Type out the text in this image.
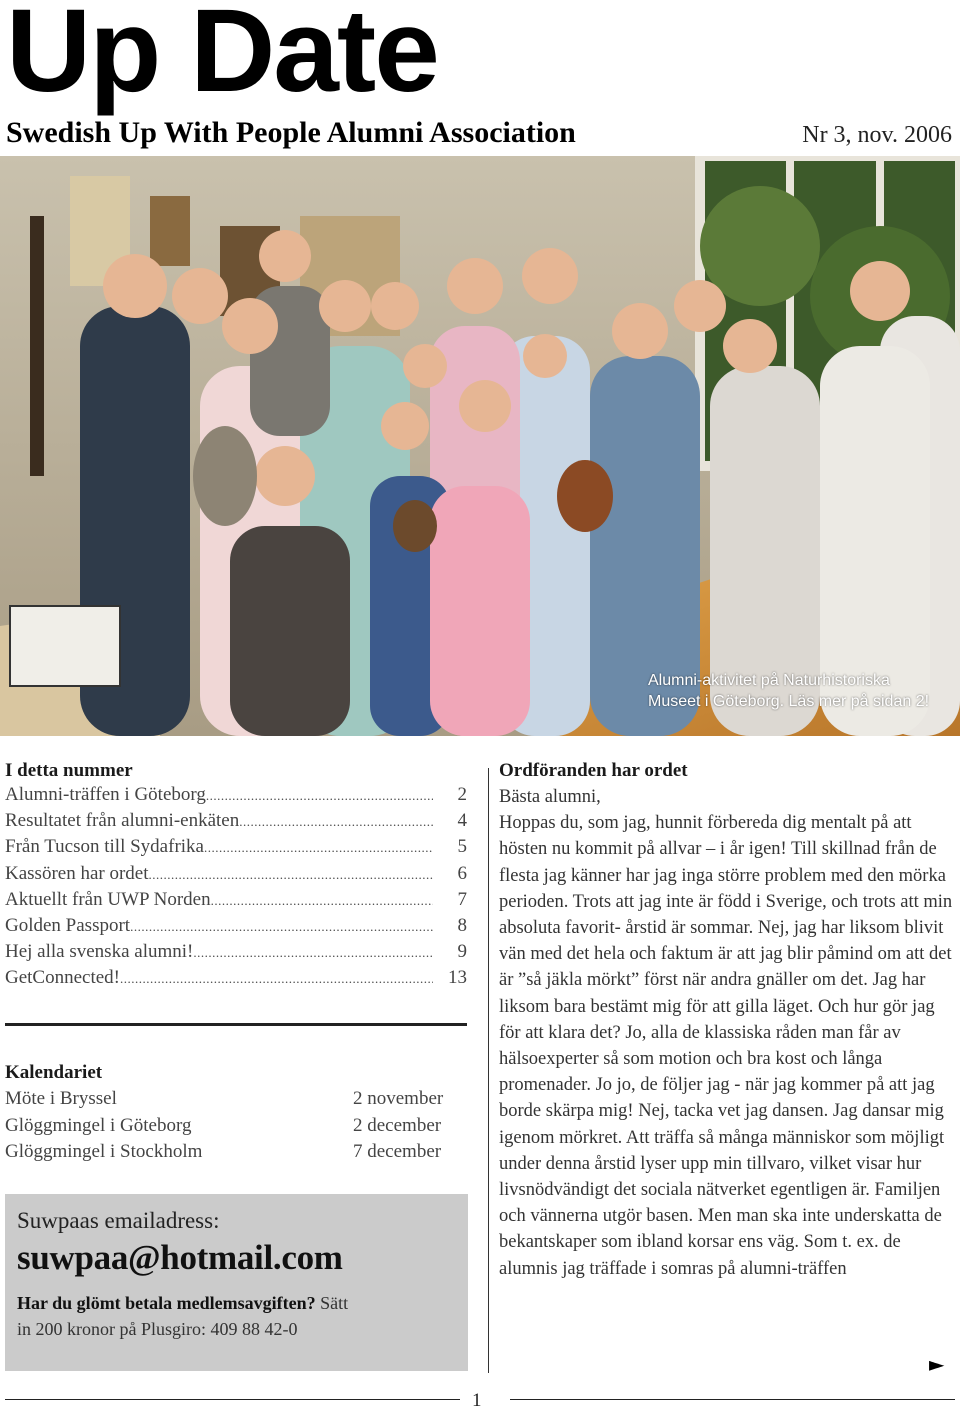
Up Date
Swedish Up With People Alumni Association	Nr 3, nov. 2006
Alumni-aktivitet på Naturhistoriska
Museet i Göteborg. Läs mer på sidan 2!
I detta nummer
Alumni-träffen i Göteborg .....	2
Resultatet från alumni-enkäten .....	4
Från Tucson till Sydafrika .....	5
Kassören har ordet .....	6
Aktuellt från UWP Norden .....	7
Golden Passport .....	8
Hej alla svenska alumni! .....	9
GetConnected! .....	13
Kalendariet
Möte i Bryssel	2 november
Glöggmingel i Göteborg	2 december
Glöggmingel i Stockholm	7 december
Suwpaas emailadress:
suwpaa@hotmail.com
Har du glömt betala medlemsavgiften? Sätt
in 200 kronor på Plusgiro: 409 88 42-0
Ordföranden har ordet
Bästa alumni,
Hoppas du, som jag, hunnit förbereda dig mentalt på att hösten nu kommit på allvar – i år igen! Till skillnad från de flesta jag känner har jag inga större problem med den mörka perioden. Trots att jag inte är född i Sverige, och trots att min absoluta favorit- årstid är sommar. Nej, jag har liksom blivit vän med det hela och faktum är att jag blir påmind om att det är ”så jäkla mörkt” först när andra gnäller om det. Jag har liksom bara bestämt mig för att gilla läget. Och hur gör jag för att klara det? Jo, alla de klassiska råden man får av hälsoexperter så som motion och bra kost och långa promenader. Jo jo, de följer jag - när jag kommer på att jag borde skärpa mig! Nej, tacka vet jag dansen. Jag dansar mig igenom mörkret. Att träffa så många människor som möjligt under denna årstid lyser upp min tillvaro, vilket visar hur livsnödvändigt det sociala nätverket egentligen är. Familjen och vännerna utgör basen. Men man ska inte underskatta de bekantskaper som ibland korsar ens väg. Som t. ex. de alumnis jag träffade i somras på alumni-träffen
►
1
